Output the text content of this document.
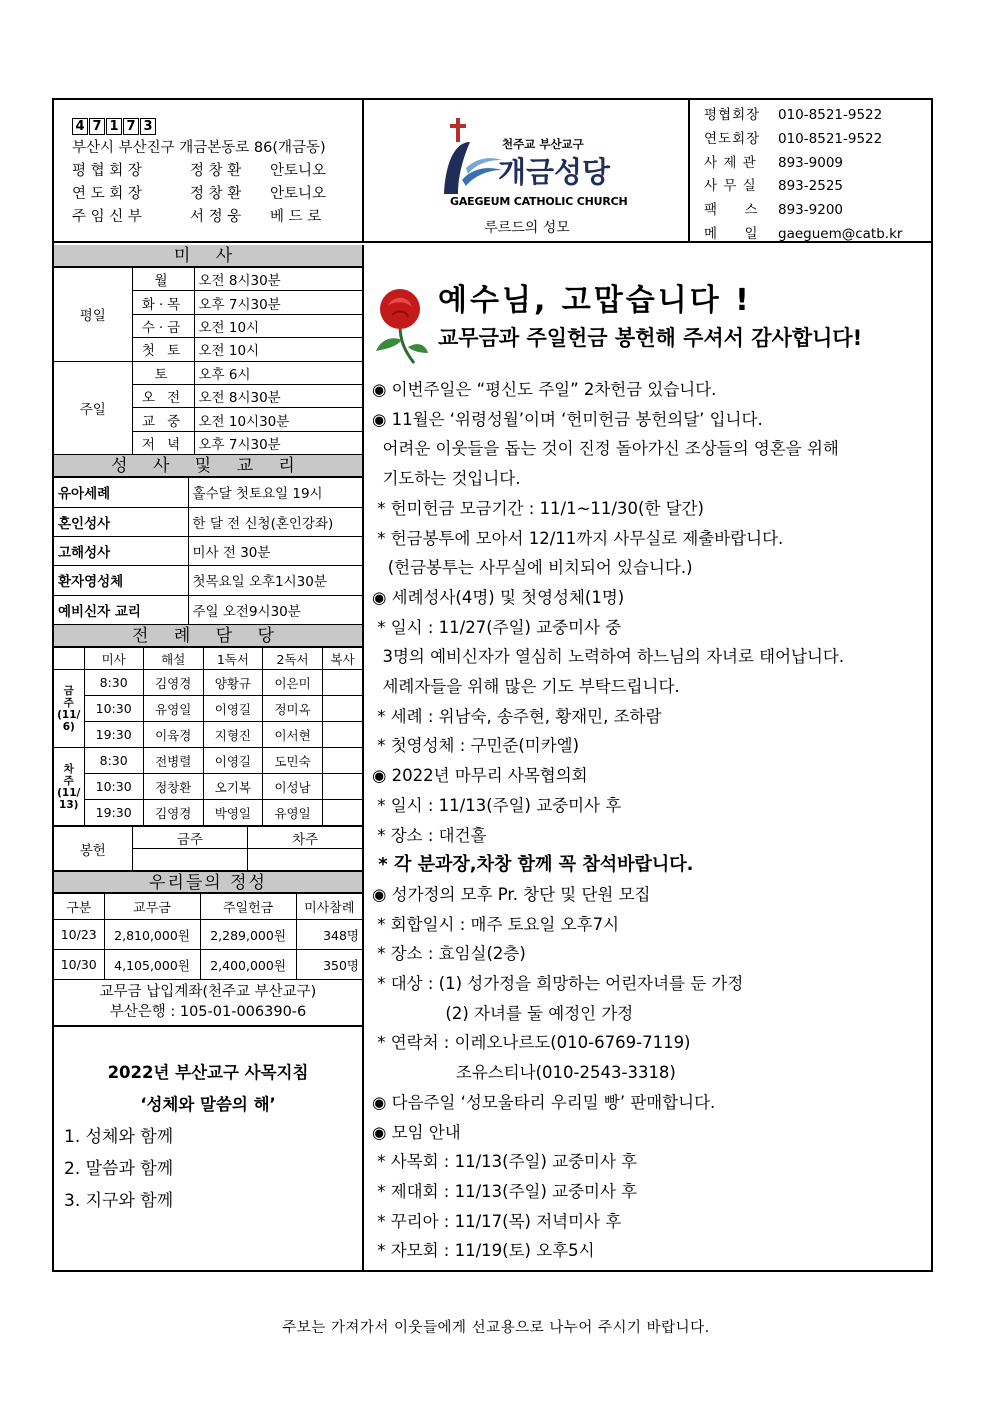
4 7 1 7 3
부산시 부산진구 개금본동로 86(개금동)
평 협 회 장	정 창 환 안토니오
연 도 회 장	정 창 환 안토니오
주 임 신 부	서 정 웅 베 드 로
천주교 부산교구
개금성당
GAEGEUM CATHOLIC CHURCH
루르드의 성모
평협회장	010-8521-9522
연도회장	010-8521-9522
사 제 관	893-9009
사 무 실	893-2525
팩     스	893-9200
메     일	gaeguem@catb.kr
미 사
평일	월	오전 8시30분
	화·목	오후 7시30분
	수·금	오전 10시
	첫 토	오전 10시
주일	토	오후 6시
	오 전	오전 8시30분
	교 중	오전 10시30분
	저 녁	오후 7시30분
성 사 및 교 리
유아세례	홀수달 첫토요일 19시
혼인성사	한 달 전 신청(혼인강좌)
고해성사	미사 전 30분
환자영성체	첫목요일 오후1시30분
예비신자 교리	주일 오전9시30분
전 례 담 당
	미사	해설	1독서	2독서	복사
금
주
(11/
6)	8:30	김영경	양황규	이은미	
	10:30	유영일	이영길	정미옥	
	19:30	이육경	지형진	이서현	
차
주
(11/
13)	8:30	전병렬	이영길	도민숙	
	10:30	정창환	오기복	이성남	
	19:30	김영경	박영일	유영일	
봉헌	금주	차주

우리들의 정성
구분	교무금	주일헌금	미사참례
10/23	2,810,000원	2,289,000원	348명
10/30	4,105,000원	2,400,000원	350명
교무금 납입계좌(천주교 부산교구)
부산은행 : 105-01-006390-6
2022년 부산교구 사목지침
‘성체와 말씀의 해’
1. 성체와 함께
2. 말씀과 함께
3. 지구와 함께
예수님, 고맙습니다 !
교무금과 주일헌금 봉헌해 주셔서 감사합니다!
◉ 이번주일은 “평신도 주일” 2차헌금 있습니다.
◉ 11월은 ‘위령성월’이며 ‘헌미헌금 봉헌의달’ 입니다.
어려운 이웃들을 돕는 것이 진정 돌아가신 조상들의 영혼을 위해
기도하는 것입니다.
* 헌미헌금 모금기간 : 11/1~11/30(한 달간)
* 헌금봉투에 모아서 12/11까지 사무실로 제출바랍니다.
(헌금봉투는 사무실에 비치되어 있습니다.)
◉ 세례성사(4명) 및 첫영성체(1명)
* 일시 : 11/27(주일) 교중미사 중
3명의 예비신자가 열심히 노력하여 하느님의 자녀로 태어납니다.
세례자들을 위해 많은 기도 부탁드립니다.
* 세례 : 위남숙, 송주현, 황재민, 조하람
* 첫영성체 : 구민준(미카엘)
◉ 2022년 마무리 사목협의회
* 일시 : 11/13(주일) 교중미사 후
* 장소 : 대건홀
* 각 분과장,차창 함께 꼭 참석바랍니다.
◉ 성가정의 모후 Pr. 창단 및 단원 모집
* 회합일시 : 매주 토요일 오후7시
* 장소 : 효임실(2층)
* 대상 : (1) 성가정을 희망하는 어린자녀를 둔 가정
(2) 자녀를 둘 예정인 가정
* 연락처 : 이레오나르도(010-6769-7119)
조유스티나(010-2543-3318)
◉ 다음주일 ‘성모울타리 우리밀 빵’ 판매합니다.
◉ 모임 안내
* 사목회 : 11/13(주일) 교중미사 후
* 제대회 : 11/13(주일) 교중미사 후
* 꾸리아 : 11/17(목) 저녁미사 후
* 자모회 : 11/19(토) 오후5시
주보는 가져가서 이웃들에게 선교용으로 나누어 주시기 바랍니다.
